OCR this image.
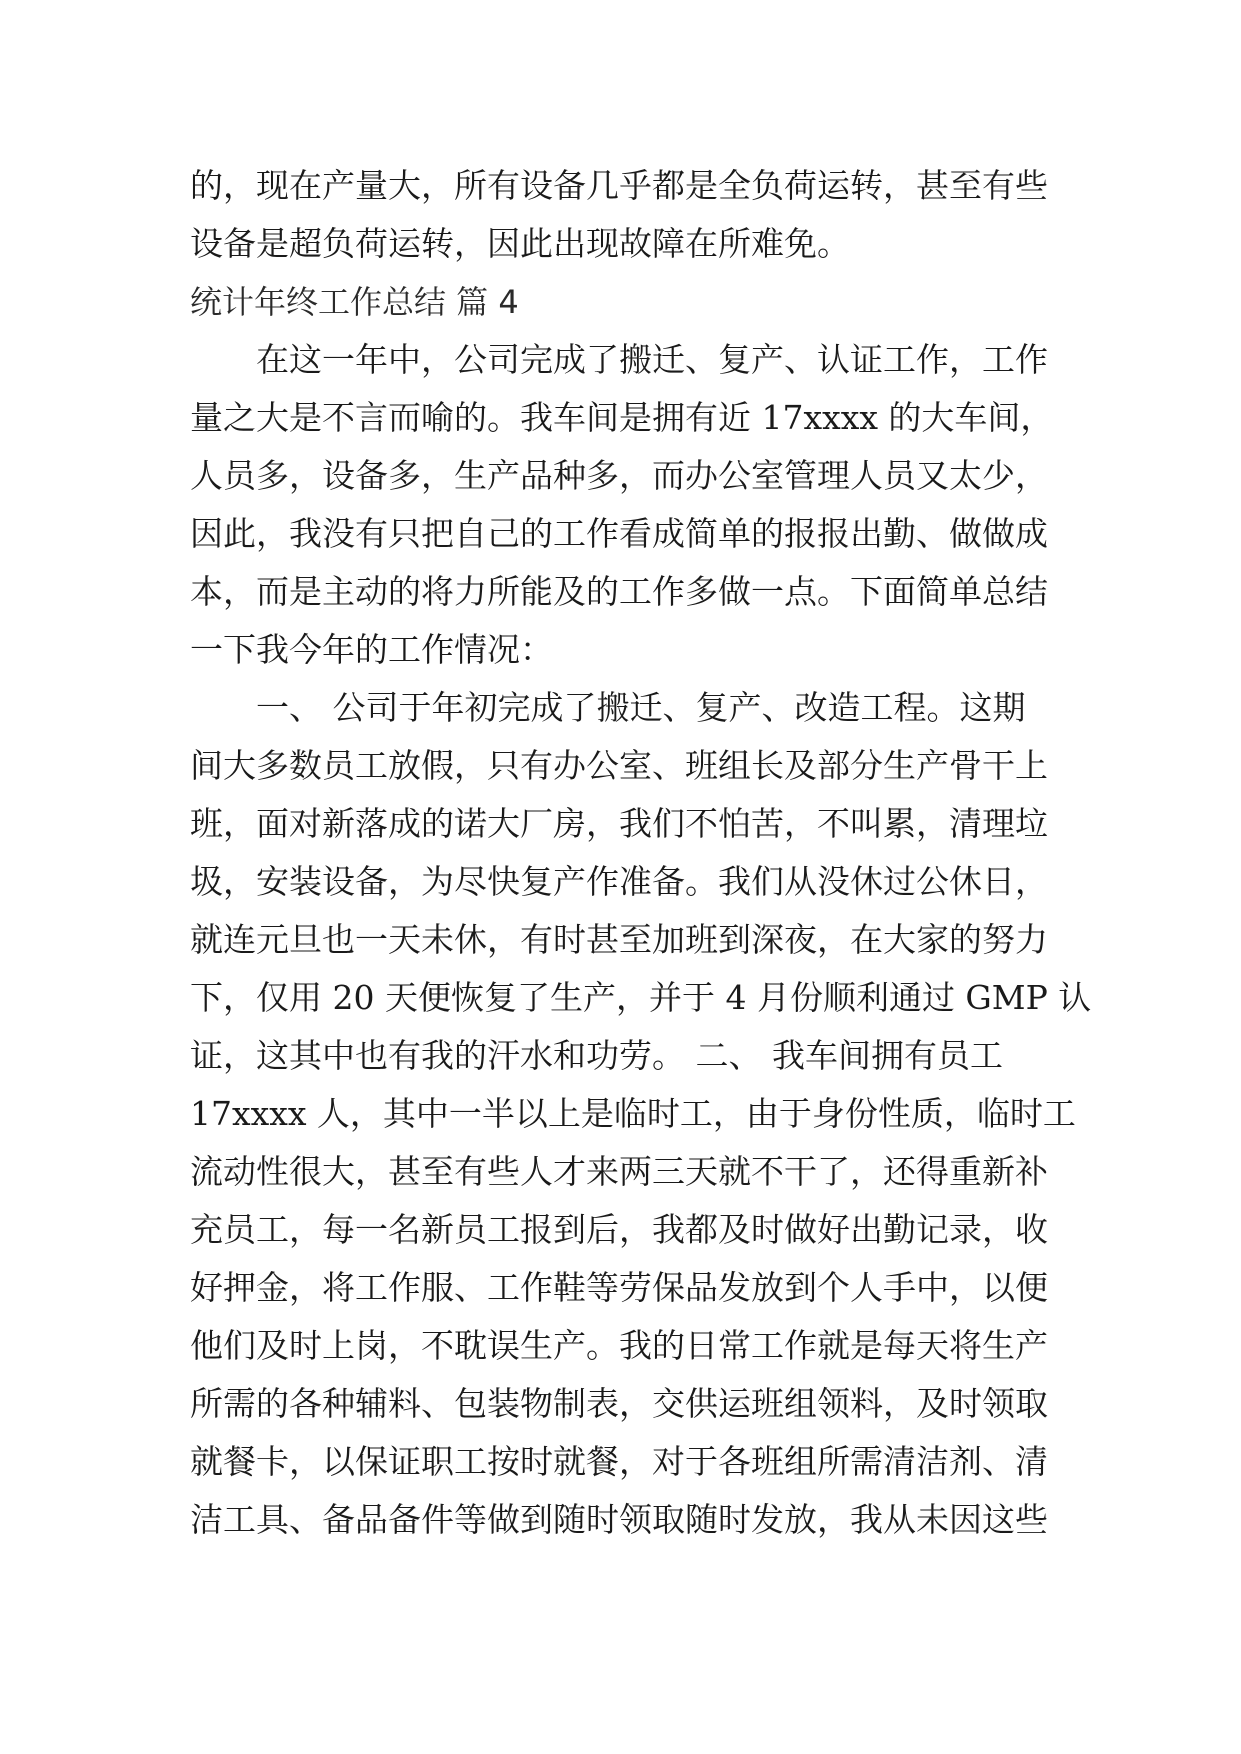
的，现在产量大，所有设备几乎都是全负荷运转，甚至有些

设备是超负荷运转，因此出现故障在所难免。

统计年终工作总结 篇 4

　　在这一年中，公司完成了搬迁、复产、认证工作，工作

量之大是不言而喻的。我车间是拥有近 17xxxx 的大车间，

人员多，设备多，生产品种多，而办公室管理人员又太少，

因此，我没有只把自己的工作看成简单的报报出勤、做做成

本，而是主动的将力所能及的工作多做一点。下面简单总结

一下我今年的工作情况：

　　一、 公司于年初完成了搬迁、复产、改造工程。这期

间大多数员工放假，只有办公室、班组长及部分生产骨干上

班，面对新落成的诺大厂房，我们不怕苦，不叫累，清理垃

圾，安装设备，为尽快复产作准备。我们从没休过公休日，

就连元旦也一天未休，有时甚至加班到深夜，在大家的努力

下，仅用 20 天便恢复了生产，并于 4 月份顺利通过 GMP 认

证，这其中也有我的汗水和功劳。 二、 我车间拥有员工

17xxxx 人，其中一半以上是临时工，由于身份性质，临时工

流动性很大，甚至有些人才来两三天就不干了，还得重新补

充员工，每一名新员工报到后，我都及时做好出勤记录，收

好押金，将工作服、工作鞋等劳保品发放到个人手中，以便

他们及时上岗，不耽误生产。我的日常工作就是每天将生产

所需的各种辅料、包装物制表，交供运班组领料，及时领取

就餐卡，以保证职工按时就餐，对于各班组所需清洁剂、清

洁工具、备品备件等做到随时领取随时发放，我从未因这些
